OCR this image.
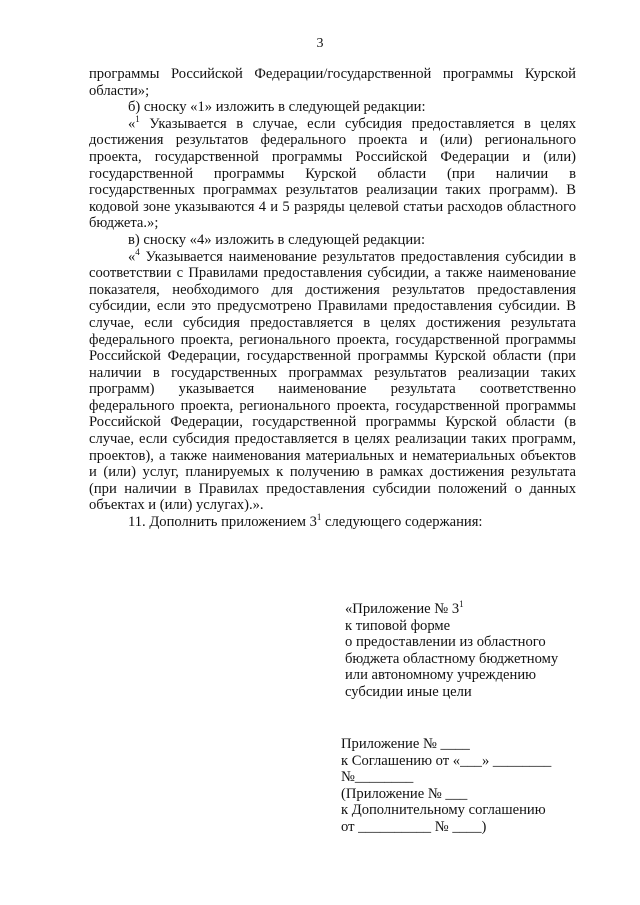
3

программы Российской Федерации/государственной программы Курской области»;

б) сноску «1» изложить в следующей редакции:

«$^1$ Указывается в случае, если субсидия предоставляется в целях достижения результатов федерального проекта и (или) регионального проекта, государственной программы Российской Федерации и (или) государственной программы Курской области (при наличии в государственных программах результатов реализации таких программ). В кодовой зоне указываются 4 и 5 разряды целевой статьи расходов областного бюджета.»;

в) сноску «4» изложить в следующей редакции:

«$^4$ Указывается наименование результатов предоставления субсидии в соответствии с Правилами предоставления субсидии, а также наименование показателя, необходимого для достижения результатов предоставления субсидии, если это предусмотрено Правилами предоставления субсидии. В случае, если субсидия предоставляется в целях достижения результата федерального проекта, регионального проекта, государственной программы Российской Федерации, государственной программы Курской области (при наличии в государственных программах результатов реализации таких программ) указывается наименование результата соответственно федерального проекта, регионального проекта, государственной программы Российской Федерации, государственной программы Курской области (в случае, если субсидия предоставляется в целях реализации таких программ, проектов), а также наименования материальных и нематериальных объектов и (или) услуг, планируемых к получению в рамках достижения результата (при наличии в Правилах предоставления субсидии положений о данных объектах и (или) услугах).».

11. Дополнить приложением $3^1$ следующего содержания:

«Приложение № $3^1$
к типовой форме
о предоставлении из областного
бюджета областному бюджетному
или автономному учреждению
субсидии иные цели
Приложение № ____
к Соглашению от «___» ________
№________
(Приложение № ___
к Дополнительному соглашению
от __________ № ____)
